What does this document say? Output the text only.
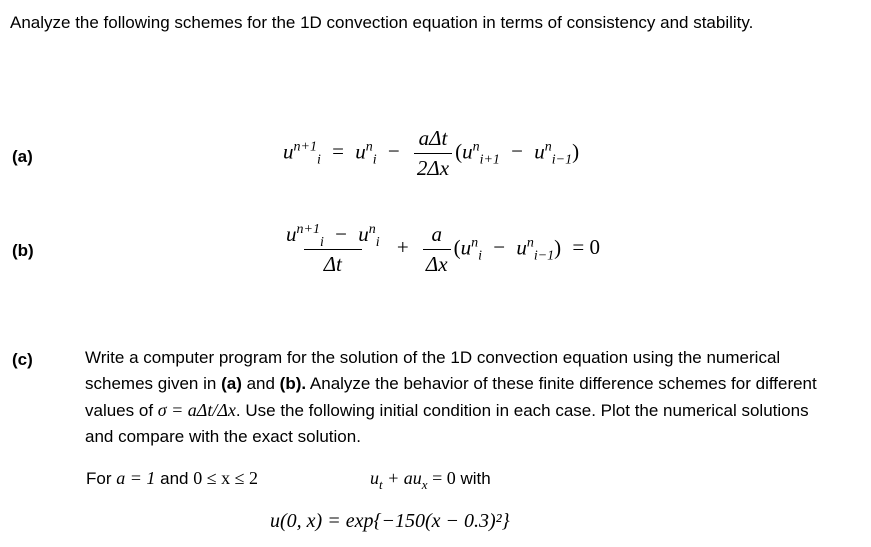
Analyze the following schemes for the 1D convection equation in terms of consistency and stability.
(a)	$u^{n+1}_i = u^n_i - \frac{\text{aΔt}}{2\Delta x} (u^n_{i+1} - u^n_{i-1})$
(b)	$\frac{u^{n+1}_i - u^n_i}{\Delta t} + \frac{a}{\Delta x} (u^n_i - u^n_{i-1}) = 0$
(c)	Write a computer program for the solution of the 1D convection equation using the numerical schemes given in (a) and (b). Analyze the behavior of these finite difference schemes for different values of σ = aΔt/Δx. Use the following initial condition in each case. Plot the numerical solutions and compare with the exact solution.
For a = 1 and 0 ≤ x ≤ 2	$u_t + au_x = 0$ with
u(0, x) = exp{−150(x − 0.3)²}
